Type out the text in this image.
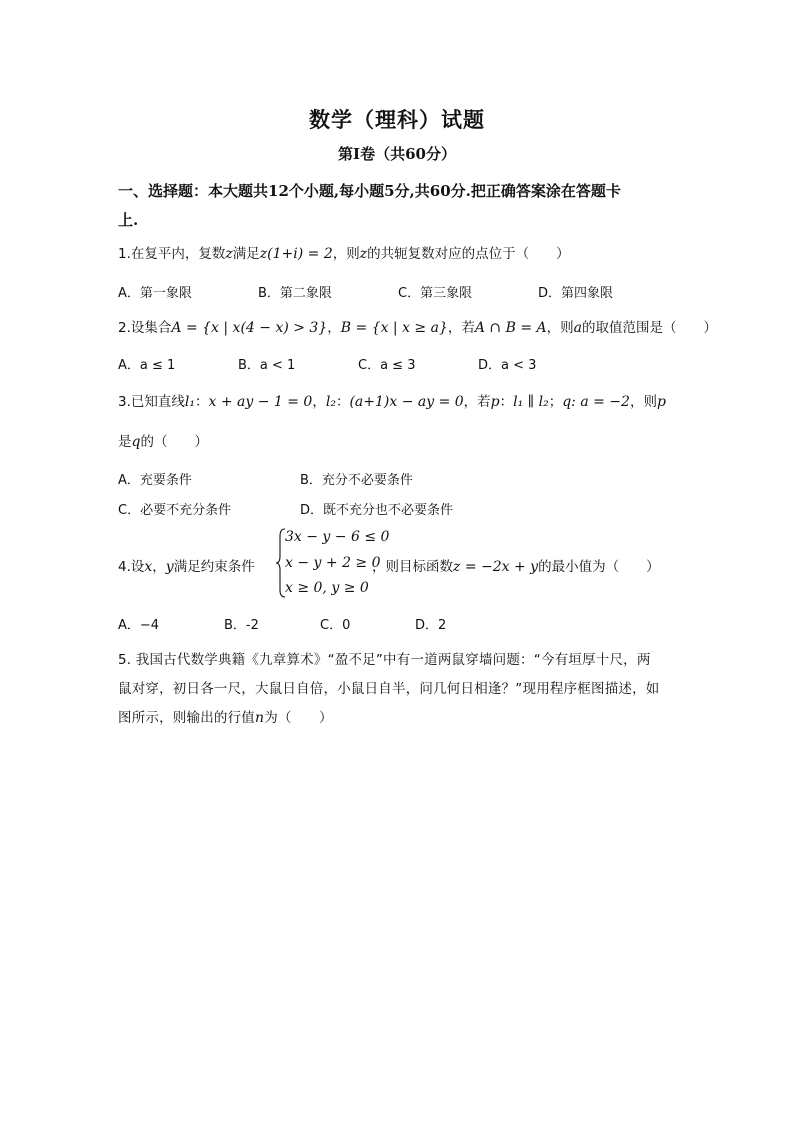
数学（理科）试题
第Ⅰ卷（共60分）
一、选择题：本大题共12个小题,每小题5分,共60分.把正确答案涂在答题卡
上.
1.在复平内，复数z满足z(1+i) = 2，则z的共轭复数对应的点位于（　　）
A．第一象限	B．第二象限	C．第三象限	D．第四象限
2.设集合A = {x | x(4 − x) > 3}，B = {x | x ≥ a}，若A ∩ B = A，则a的取值范围是（　　）
A．a ≤ 1	B．a < 1	C．a ≤ 3	D．a < 3
3.已知直线l₁：x + ay − 1 = 0，l₂：(a+1)x − ay = 0，若p：l₁ ∥ l₂；q: a = −2，则p
是q的（　　）
A．充要条件	B．充分不必要条件
C．必要不充分条件	D．既不充分也不必要条件
4.设x，y满足约束条件
3x − y − 6 ≤ 0
x − y + 2 ≥ 0
x ≥ 0, y ≥ 0
，则目标函数z = −2x + y的最小值为（　　）
A．−4	B．-2	C．0	D．2
5. 我国古代数学典籍《九章算术》“盈不足”中有一道两鼠穿墙问题：“今有垣厚十尺，两
鼠对穿，初日各一尺，大鼠日自倍，小鼠日自半，问几何日相逢？”现用程序框图描述，如
图所示，则输出的行值n为（　　）
